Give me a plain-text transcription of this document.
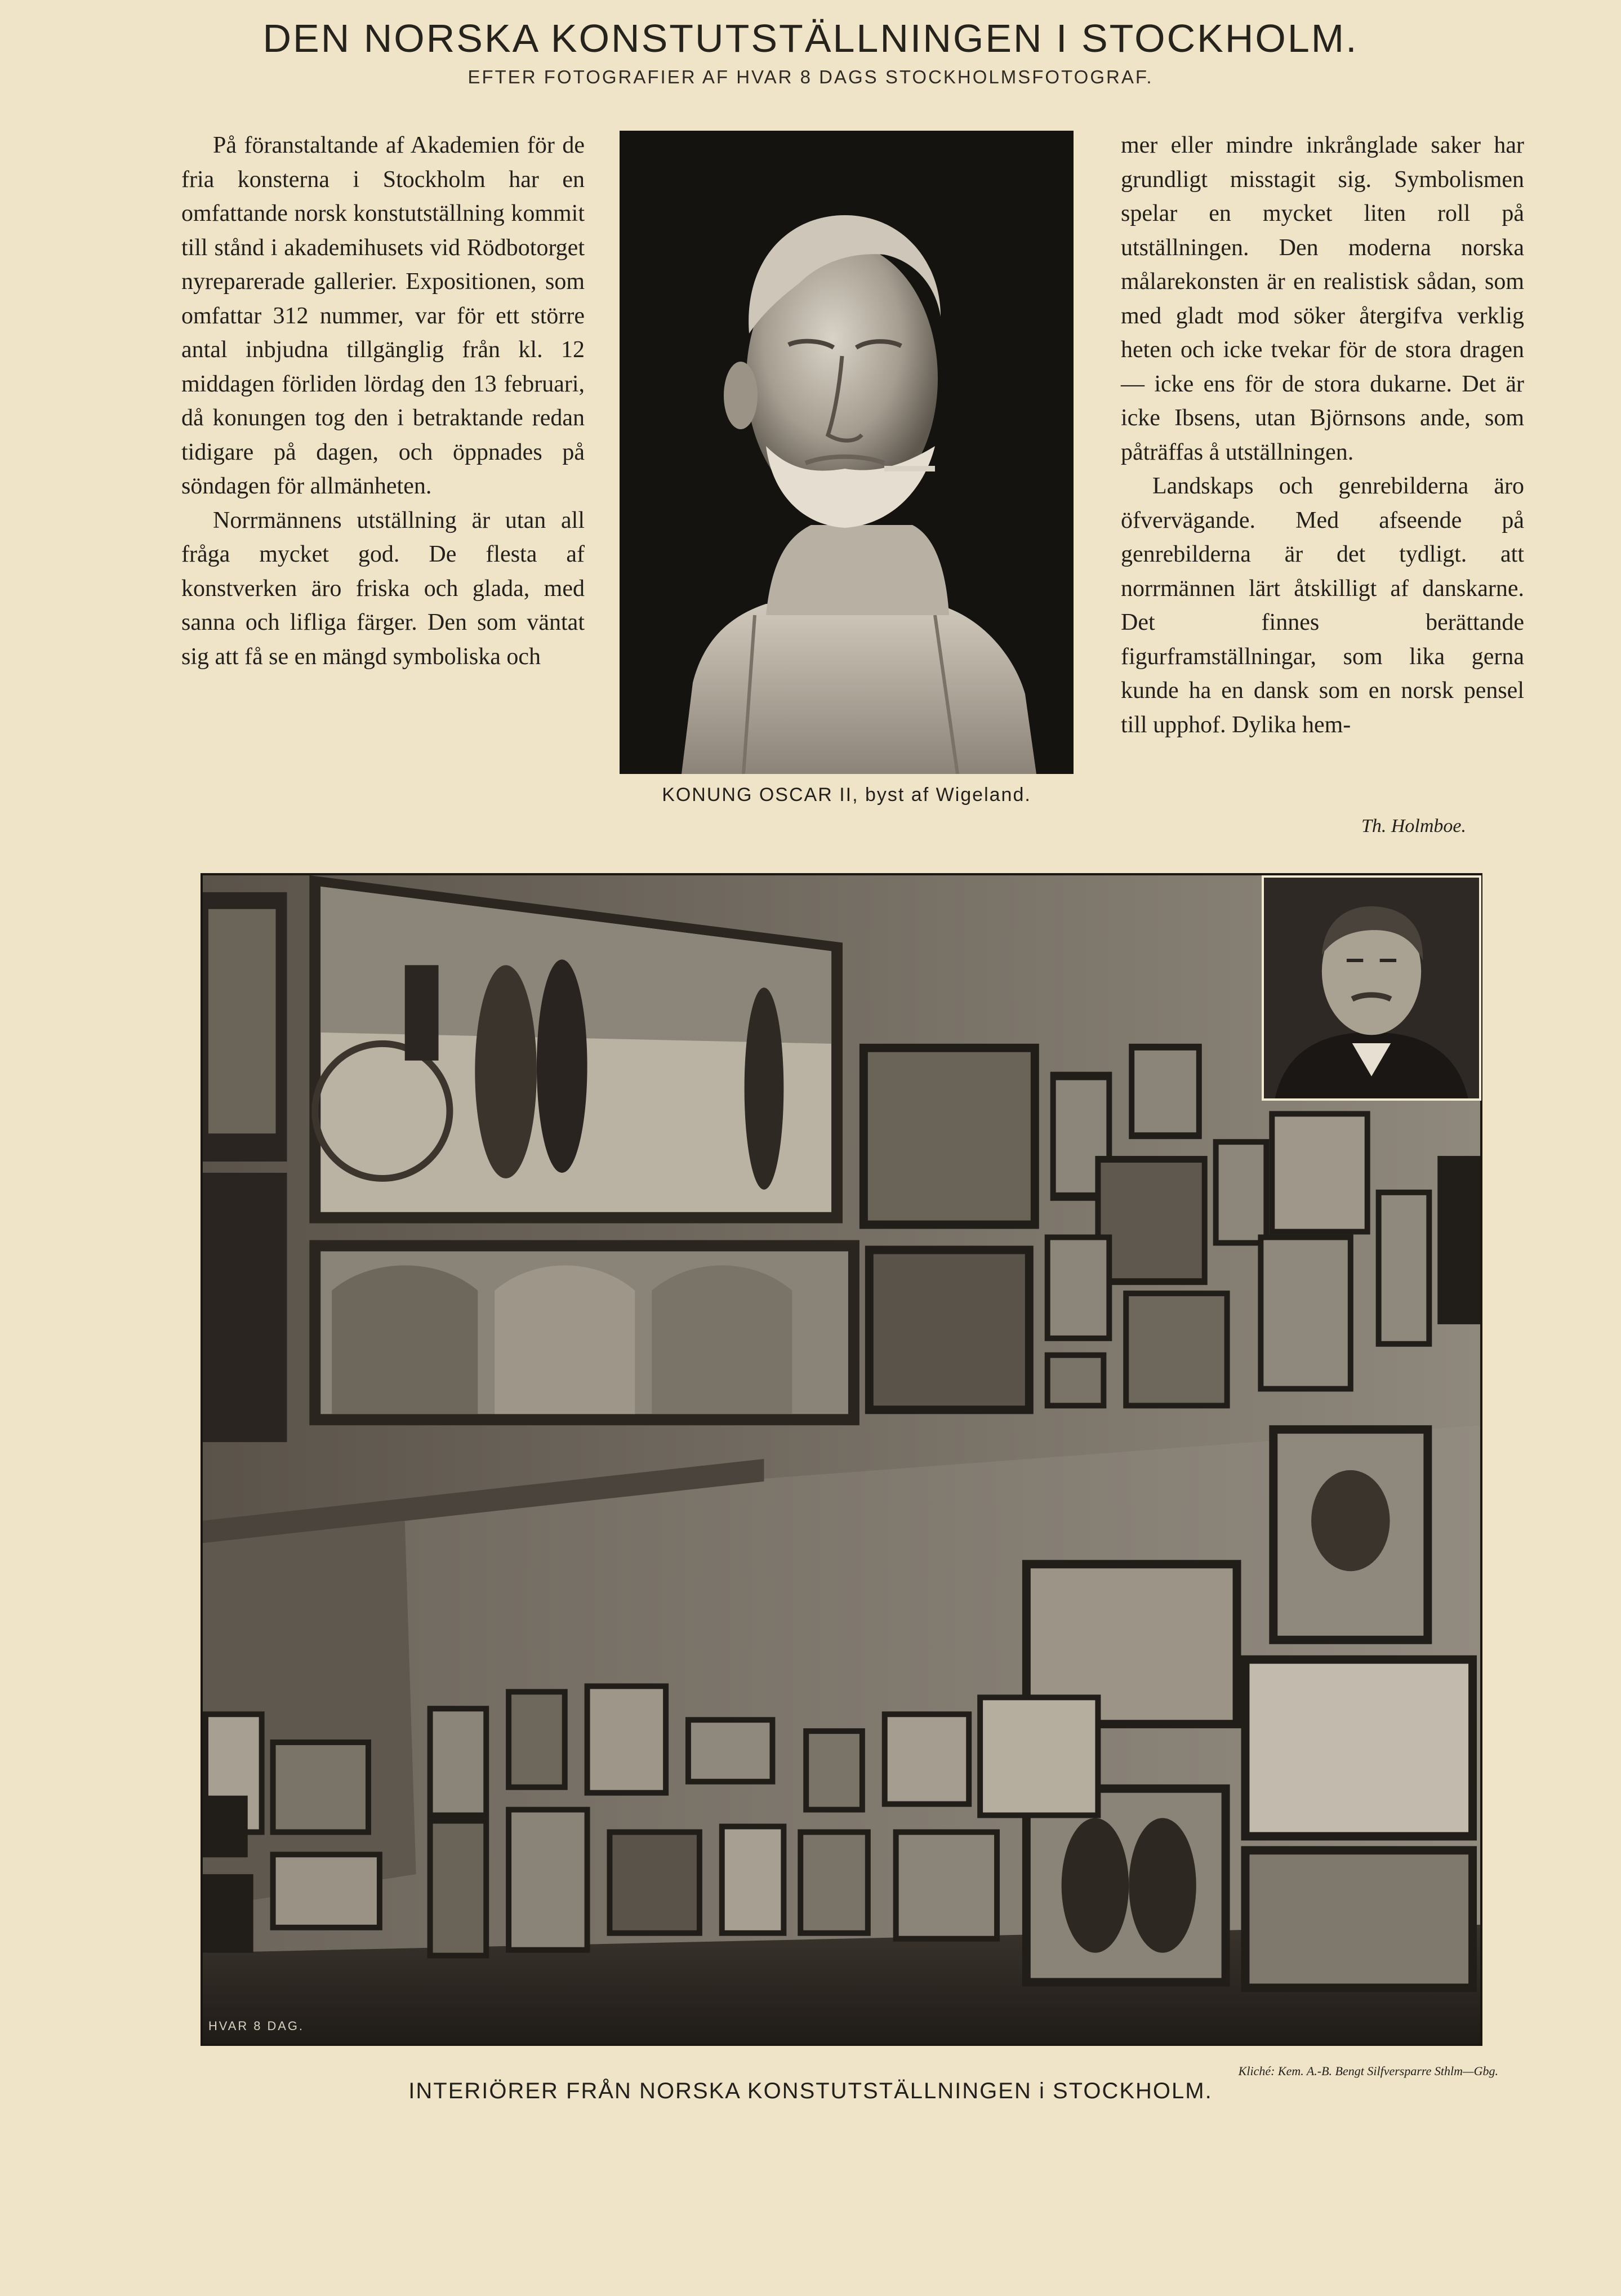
DEN NORSKA KONSTUTSTÄLLNINGEN I STOCKHOLM.
EFTER FOTOGRAFIER AF HVAR 8 DAGS STOCKHOLMSFOTOGRAF.

På föranstaltande af Akademien för de fria konsterna i Stockholm har en omfattande norsk konstutställning kommit till stånd i akademihusets vid Rödbotorget nyreparerade gallerier. Expositionen, som omfattar 312 nummer, var för ett större antal inbjudna tillgänglig från kl. 12 middagen förliden lördag den 13 februari, då konungen tog den i betraktande redan tidigare på dagen, och öppnades på söndagen för allmänheten.

Norrmännens utställning är utan all fråga mycket god. De flesta af konstverken äro friska och glada, med sanna och lifliga färger. Den som väntat sig att få se en mängd symboliska och

KONUNG OSCAR II, byst af Wigeland.

mer eller mindre inkrånglade saker har grundligt misstagit sig. Symbolismen spelar en mycket liten roll på utställningen. Den moderna norska målarekonsten är en realistisk sådan, som med gladt mod söker återgifva verklig heten och icke tvekar för de stora dragen — icke ens för de stora dukarne. Det är icke Ibsens, utan Björnsons ande, som påträffas å utställningen.

Landskaps och genrebilderna äro öfvervägande. Med afseende på genrebilderna är det tydligt. att norrmännen lärt åtskilligt af danskarne. Det finnes berättande figurframställningar, som lika gerna kunde ha en dansk som en norsk pensel till upphof. Dylika hem-

Th. Holmboe.
HVAR 8 DAG.
Kliché: Kem. A.-B. Bengt Silfversparre Sthlm—Gbg.
INTERIÖRER FRÅN NORSKA KONSTUTSTÄLLNINGEN i STOCKHOLM.
